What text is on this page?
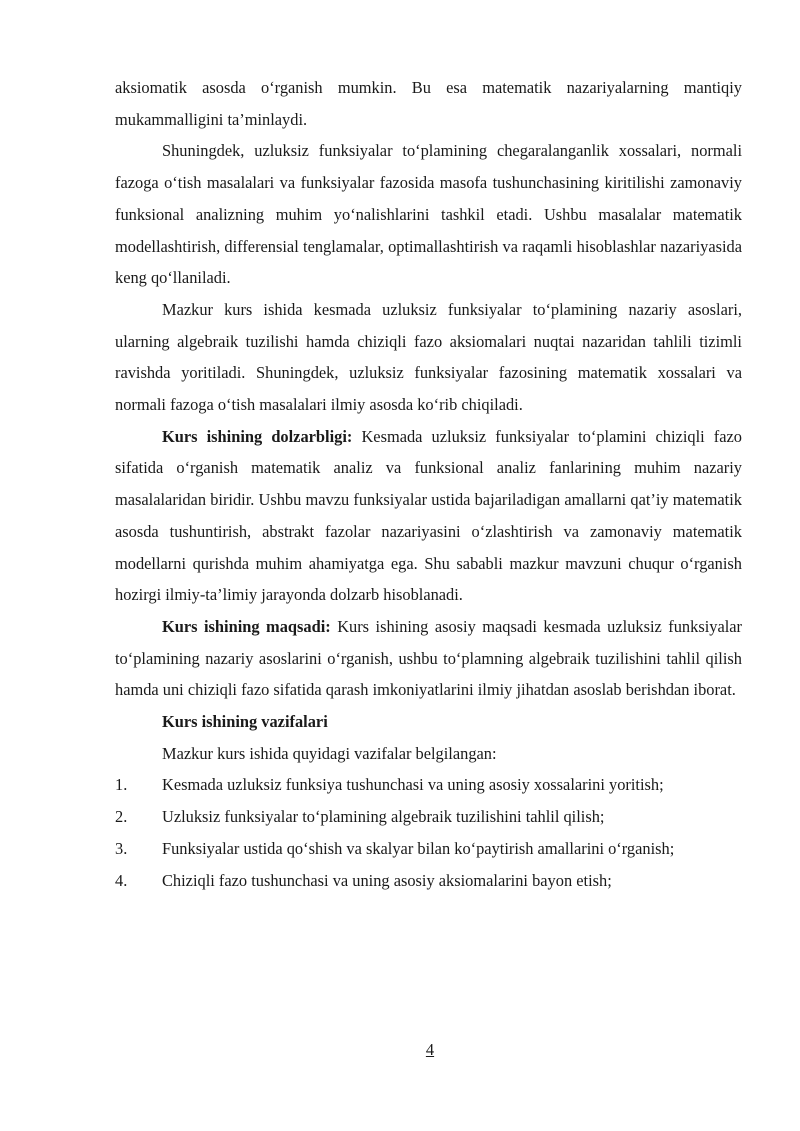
aksiomatik asosda o‘rganish mumkin. Bu esa matematik nazariyalarning mantiqiy mukammalligini ta’minlaydi.

Shuningdek, uzluksiz funksiyalar to‘plamining chegaralanganlik xossalari, normali fazoga o‘tish masalalari va funksiyalar fazosida masofa tushunchasining kiritilishi zamonaviy funksional analizning muhim yo‘nalishlarini tashkil etadi. Ushbu masalalar matematik modellashtirish, differensial tenglamalar, optimallashtirish va raqamli hisoblashlar nazariyasida keng qo‘llaniladi.

Mazkur kurs ishida kesmada uzluksiz funksiyalar to‘plamining nazariy asoslari, ularning algebraik tuzilishi hamda chiziqli fazo aksiomalari nuqtai nazaridan tahlili tizimli ravishda yoritiladi. Shuningdek, uzluksiz funksiyalar fazosining matematik xossalari va normali fazoga o‘tish masalalari ilmiy asosda ko‘rib chiqiladi.

Kurs ishining dolzarbligi: Kesmada uzluksiz funksiyalar to‘plamini chiziqli fazo sifatida o‘rganish matematik analiz va funksional analiz fanlarining muhim nazariy masalalaridan biridir. Ushbu mavzu funksiyalar ustida bajariladigan amallarni qat’iy matematik asosda tushuntirish, abstrakt fazolar nazariyasini o‘zlashtirish va zamonaviy matematik modellarni qurishda muhim ahamiyatga ega. Shu sababli mazkur mavzuni chuqur o‘rganish hozirgi ilmiy-ta’limiy jarayonda dolzarb hisoblanadi.

Kurs ishining maqsadi: Kurs ishining asosiy maqsadi kesmada uzluksiz funksiyalar to‘plamining nazariy asoslarini o‘rganish, ushbu to‘plamning algebraik tuzilishini tahlil qilish hamda uni chiziqli fazo sifatida qarash imkoniyatlarini ilmiy jihatdan asoslab berishdan iborat.

Kurs ishining vazifalari

Mazkur kurs ishida quyidagi vazifalar belgilangan:

1. Kesmada uzluksiz funksiya tushunchasi va uning asosiy xossalarini yoritish;

2. Uzluksiz funksiyalar to‘plamining algebraik tuzilishini tahlil qilish;

3. Funksiyalar ustida qo‘shish va skalyar bilan ko‘paytirish amallarini o‘rganish;

4. Chiziqli fazo tushunchasi va uning asosiy aksiomalarini bayon etish;

4
